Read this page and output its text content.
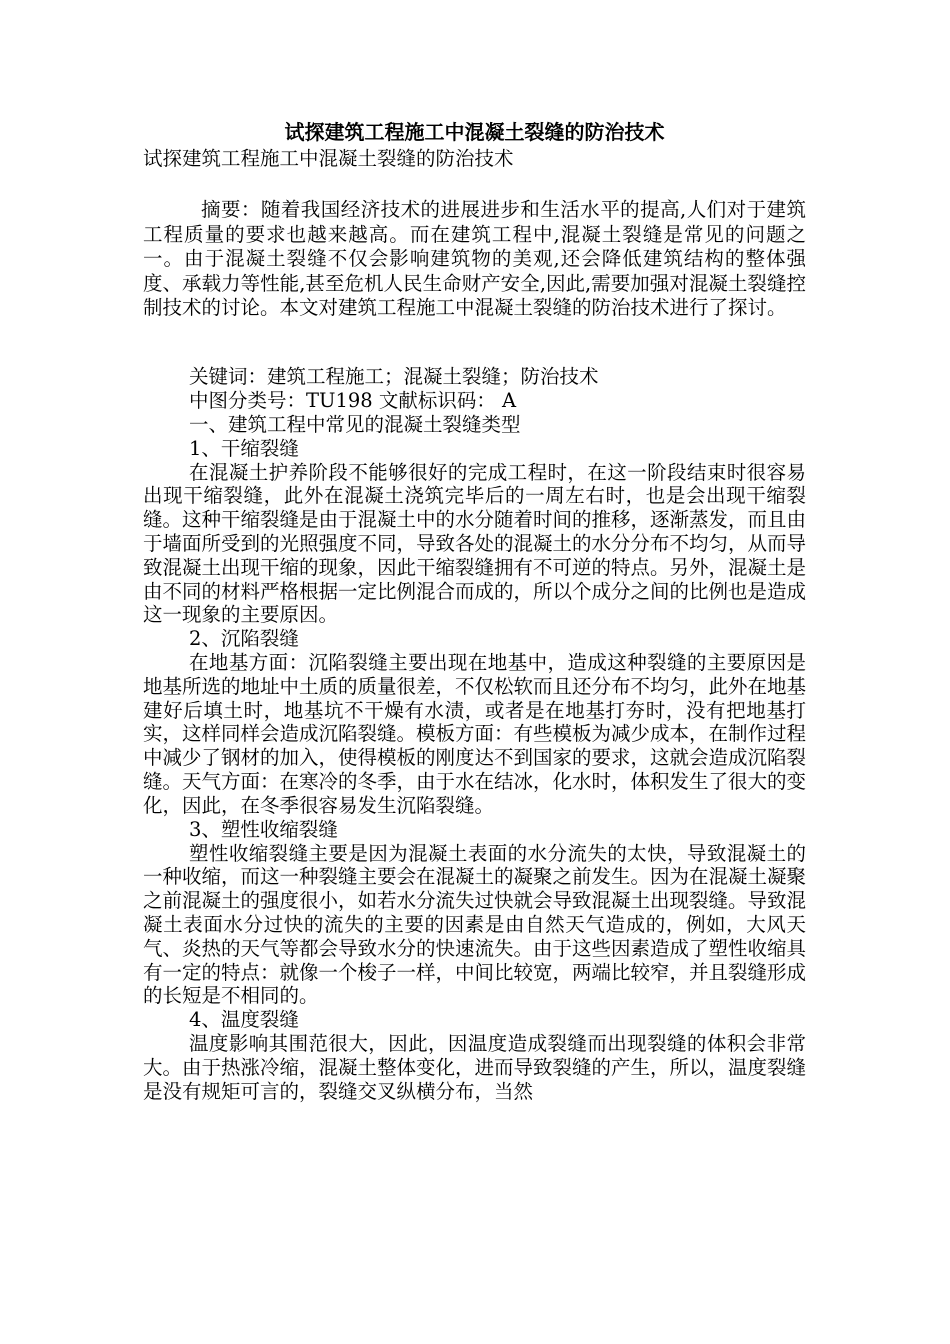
试探建筑工程施工中混凝土裂缝的防治技术

试探建筑工程施工中混凝土裂缝的防治技术

摘要：随着我国经济技术的进展进步和生活水平的提高,人们对于建筑工程质量的要求也越来越高。而在建筑工程中,混凝土裂缝是常见的问题之一。由于混凝土裂缝不仅会影响建筑物的美观,还会降低建筑结构的整体强度、承载力等性能,甚至危机人民生命财产安全,因此,需要加强对混凝土裂缝控制技术的讨论。本文对建筑工程施工中混凝土裂缝的防治技术进行了探讨。

关键词：建筑工程施工；混凝土裂缝；防治技术

中图分类号：TU198 文献标识码： A

一、建筑工程中常见的混凝土裂缝类型

1、干缩裂缝

在混凝土护养阶段不能够很好的完成工程时，在这一阶段结束时很容易出现干缩裂缝，此外在混凝土浇筑完毕后的一周左右时，也是会出现干缩裂缝。这种干缩裂缝是由于混凝土中的水分随着时间的推移，逐渐蒸发，而且由于墙面所受到的光照强度不同，导致各处的混凝土的水分分布不均匀，从而导致混凝土出现干缩的现象，因此干缩裂缝拥有不可逆的特点。另外，混凝土是由不同的材料严格根据一定比例混合而成的，所以个成分之间的比例也是造成这一现象的主要原因。

2、沉陷裂缝

在地基方面：沉陷裂缝主要出现在地基中，造成这种裂缝的主要原因是地基所选的地址中土质的质量很差，不仅松软而且还分布不均匀，此外在地基建好后填土时，地基坑不干燥有水渍，或者是在地基打夯时，没有把地基打实，这样同样会造成沉陷裂缝。模板方面：有些模板为减少成本，在制作过程中减少了钢材的加入，使得模板的刚度达不到国家的要求，这就会造成沉陷裂缝。天气方面：在寒冷的冬季，由于水在结冰，化水时，体积发生了很大的变化，因此，在冬季很容易发生沉陷裂缝。

3、塑性收缩裂缝

塑性收缩裂缝主要是因为混凝土表面的水分流失的太快，导致混凝土的一种收缩，而这一种裂缝主要会在混凝土的凝聚之前发生。因为在混凝土凝聚之前混凝土的强度很小，如若水分流失过快就会导致混凝土出现裂缝。导致混凝土表面水分过快的流失的主要的因素是由自然天气造成的，例如，大风天气、炎热的天气等都会导致水分的快速流失。由于这些因素造成了塑性收缩具有一定的特点：就像一个梭子一样，中间比较宽，两端比较窄，并且裂缝形成的长短是不相同的。

4、温度裂缝

温度影响其围范很大，因此，因温度造成裂缝而出现裂缝的体积会非常大。由于热涨冷缩，混凝土整体变化，进而导致裂缝的产生，所以，温度裂缝是没有规矩可言的，裂缝交叉纵横分布，当然
